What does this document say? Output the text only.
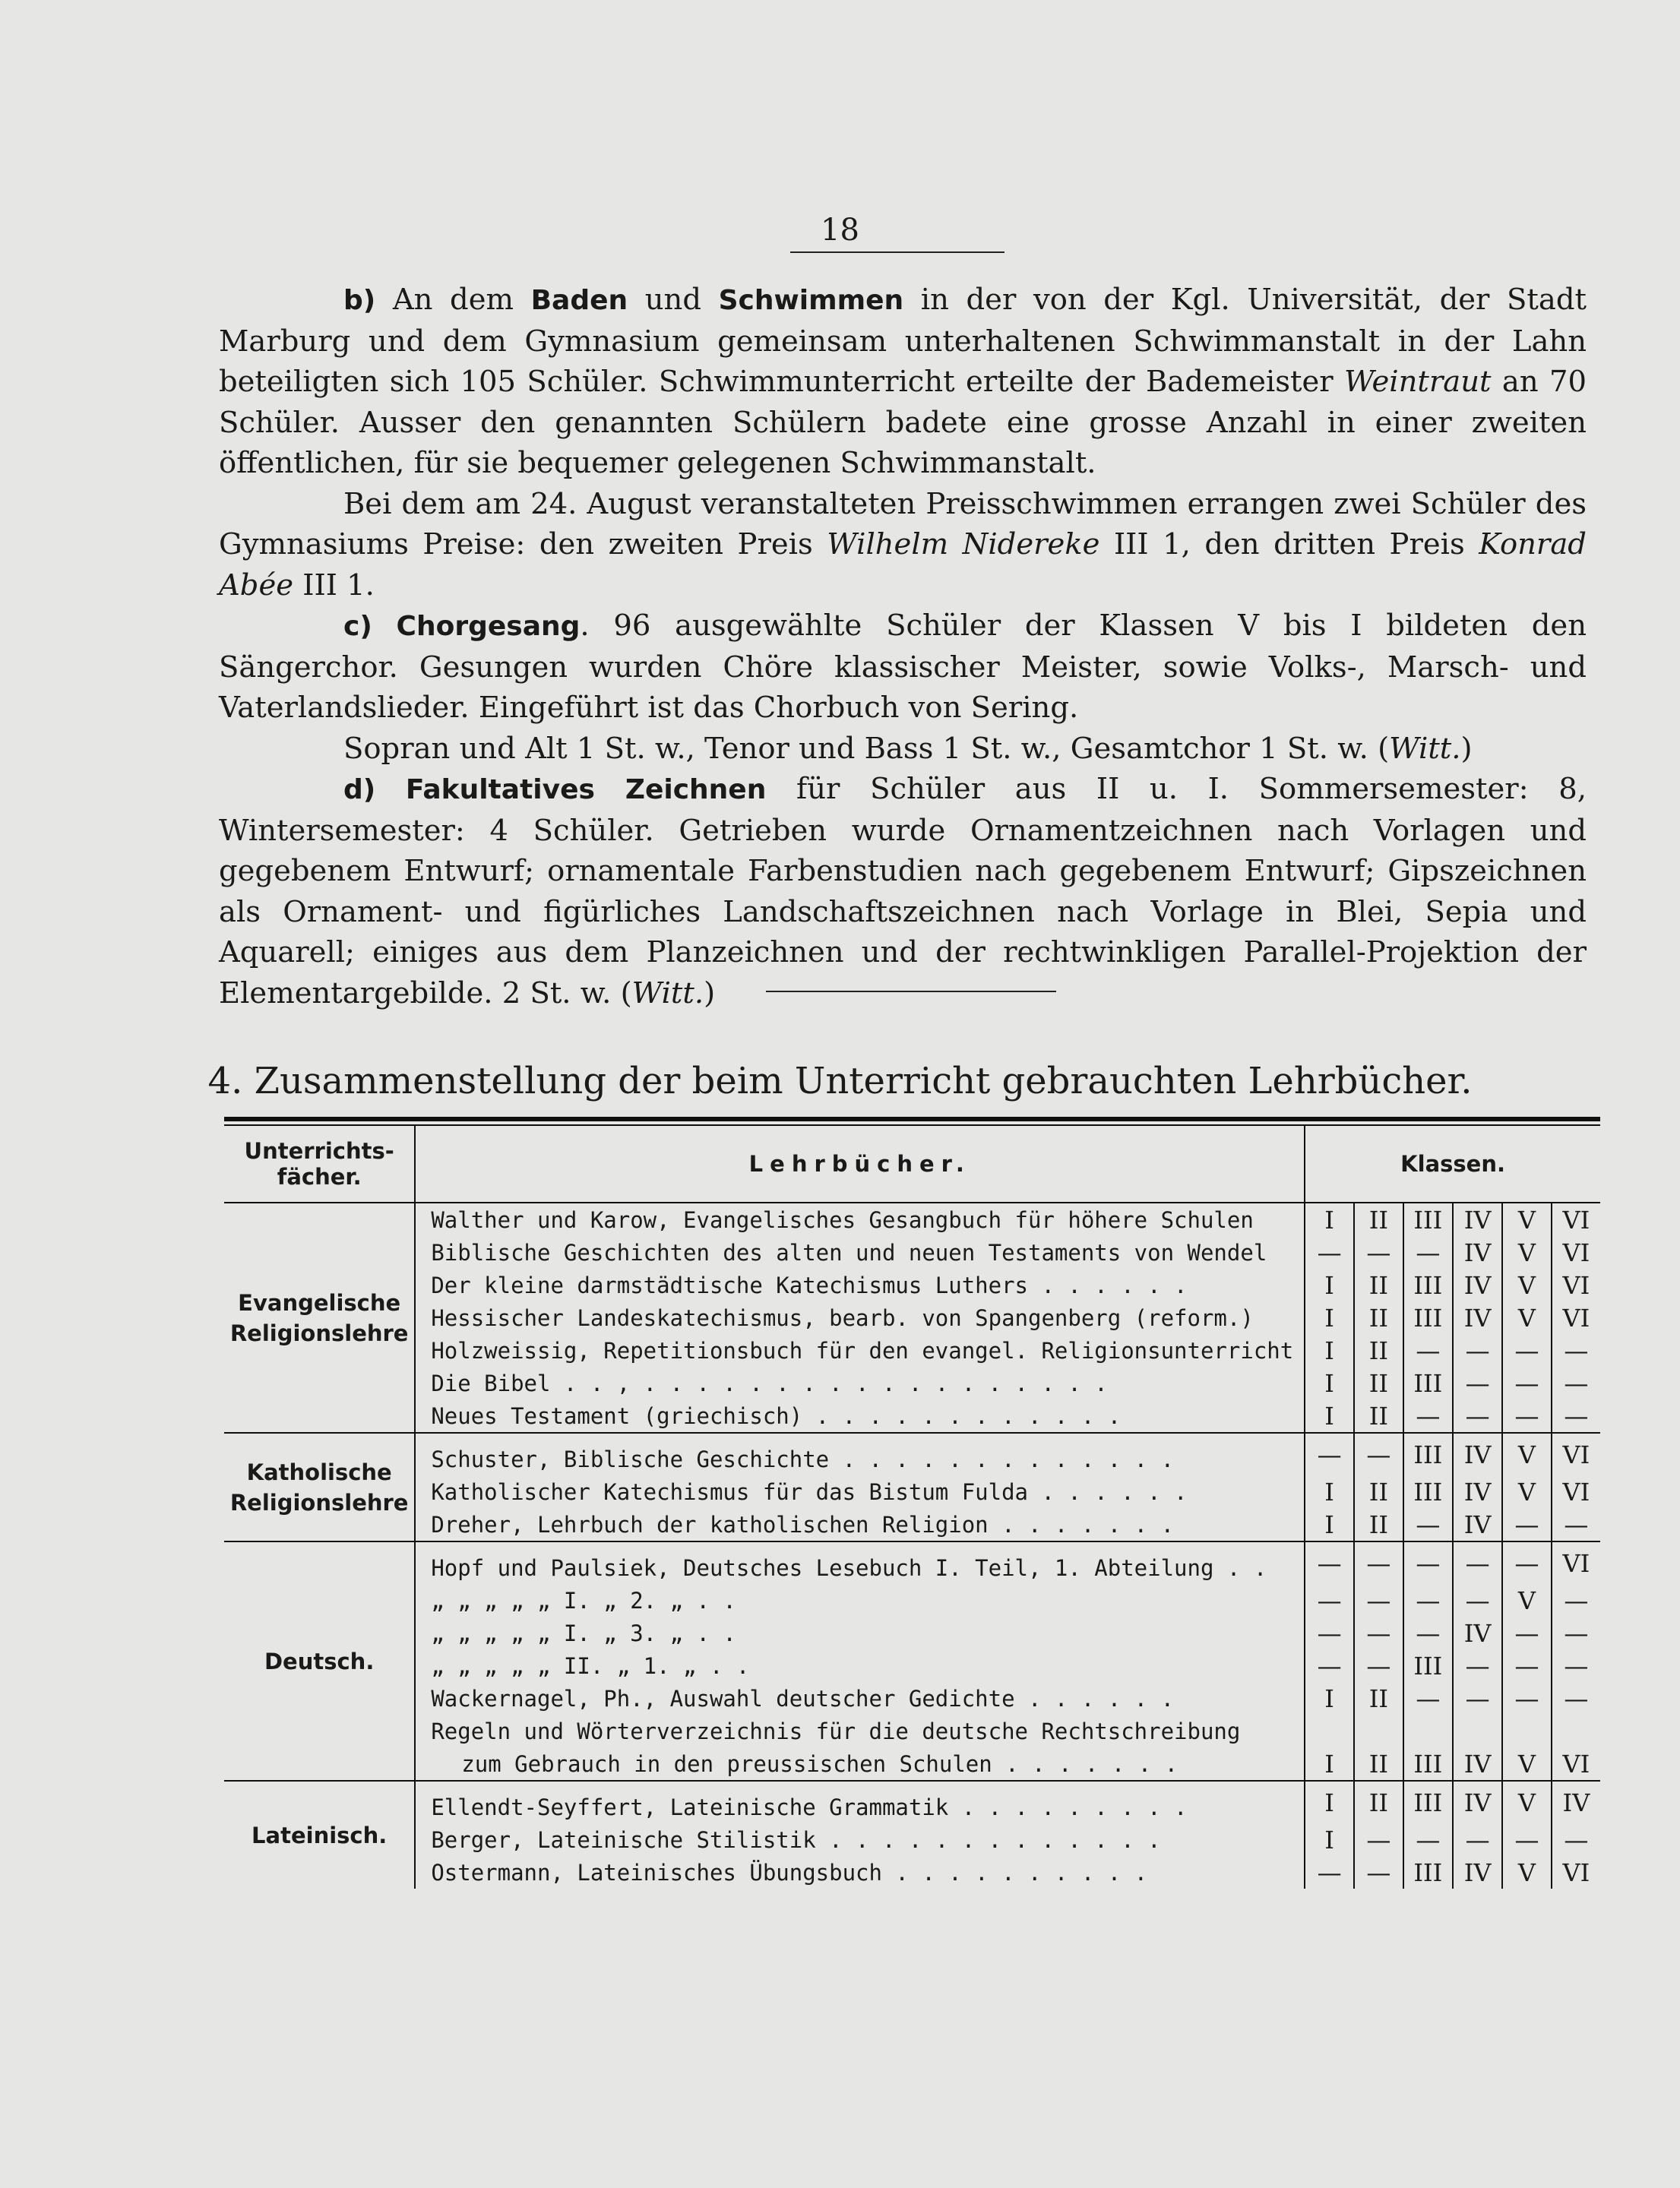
18

b) An dem Baden und Schwimmen in der von der Kgl. Universität, der Stadt Marburg und dem Gymnasium gemeinsam unterhaltenen Schwimmanstalt in der Lahn beteiligten sich 105 Schüler. Schwimmunterricht erteilte der Bademeister Weintraut an 70 Schüler. Ausser den genannten Schülern badete eine grosse Anzahl in einer zweiten öffentlichen, für sie bequemer gelegenen Schwimmanstalt.

Bei dem am 24. August veranstalteten Preisschwimmen errangen zwei Schüler des Gymnasiums Preise: den zweiten Preis Wilhelm Nidereke III 1, den dritten Preis Konrad Abée III 1.

c) Chorgesang. 96 ausgewählte Schüler der Klassen V bis I bildeten den Sängerchor. Gesungen wurden Chöre klassischer Meister, sowie Volks-, Marsch- und Vaterlandslieder. Eingeführt ist das Chorbuch von Sering.

Sopran und Alt 1 St. w., Tenor und Bass 1 St. w., Gesamtchor 1 St. w. (Witt.)

d) Fakultatives Zeichnen für Schüler aus II u. I. Sommersemester: 8, Wintersemester: 4 Schüler. Getrieben wurde Ornamentzeichnen nach Vorlagen und gegebenem Entwurf; ornamentale Farbenstudien nach gegebenem Entwurf; Gipszeichnen als Ornament- und figürliches Landschaftszeichnen nach Vorlage in Blei, Sepia und Aquarell; einiges aus dem Planzeichnen und der rechtwinkligen Parallel-Projektion der Elementargebilde. 2 St. w. (Witt.)

4. Zusammenstellung der beim Unterricht gebrauchten Lehrbücher.
Unterrichts-
fächer.	Lehrbücher.	Klassen.					
Evangelische
Religionslehre	Walther und Karow, Evangelisches Gesangbuch für höhere Schulen	I	II	III	IV	V	VI
	Biblische Geschichten des alten und neuen Testaments von Wendel	—	—	—	IV	V	VI
	Der kleine darmstädtische Katechismus Luthers . . . . . .	I	II	III	IV	V	VI
	Hessischer Landeskatechismus, bearb. von Spangenberg (reform.)	I	II	III	IV	V	VI
	Holzweissig, Repetitionsbuch für den evangel. Religionsunterricht	I	II	—	—	—	—
	Die Bibel . . , . . . . . . . . . . . . . . . . . .	I	II	III	—	—	—
	Neues Testament (griechisch) . . . . . . . . . . . .	I	II	—	—	—	—
Katholische
Religionslehre	Schuster, Biblische Geschichte . . . . . . . . . . . . .	—	—	III	IV	V	VI
	Katholischer Katechismus für das Bistum Fulda . . . . . .	I	II	III	IV	V	VI
	Dreher, Lehrbuch der katholischen Religion . . . . . . .	I	II	—	IV	—	—
Deutsch.	Hopf und Paulsiek, Deutsches Lesebuch I. Teil, 1. Abteilung . .	—	—	—	—	—	VI
	„ „ „ „ „ I. „ 2. „ . .	—	—	—	—	V	—
	„ „ „ „ „ I. „ 3. „ . .	—	—	—	IV	—	—
	„ „ „ „ „ II. „ 1. „ . .	—	—	III	—	—	—
	Wackernagel, Ph., Auswahl deutscher Gedichte . . . . . .	I	II	—	—	—	—
	Regeln und Wörterverzeichnis für die deutsche Rechtschreibung						
	zum Gebrauch in den preussischen Schulen . . . . . . .	I	II	III	IV	V	VI
Lateinisch.	Ellendt-Seyffert, Lateinische Grammatik . . . . . . . . .	I	II	III	IV	V	IV
	Berger, Lateinische Stilistik . . . . . . . . . . . . .	I	—	—	—	—	—
	Ostermann, Lateinisches Übungsbuch . . . . . . . . . .	—	—	III	IV	V	VI
